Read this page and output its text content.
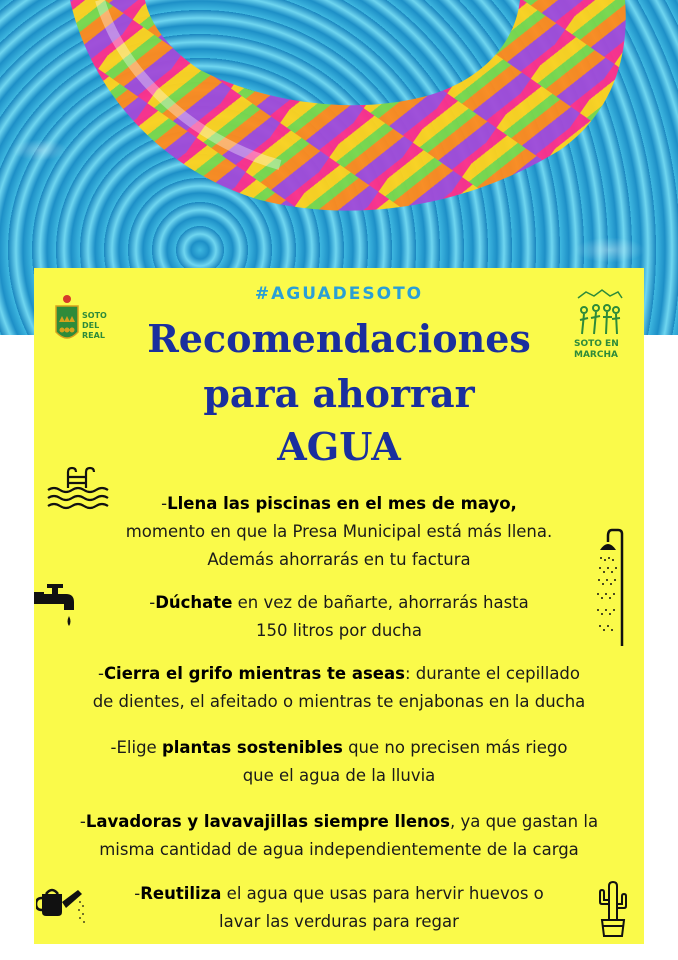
#AGUADESOTO
Recomendaciones
para ahorrar
AGUA
SOTO
DEL
REAL
SOTO EN
MARCHA
-Llena las piscinas en el mes de mayo,
momento en que la Presa Municipal está más llena.
Además ahorrarás en tu factura
-Dúchate en vez de bañarte, ahorrarás hasta
150 litros por ducha
-Cierra el grifo mientras te aseas: durante el cepillado
de dientes, el afeitado o mientras te enjabonas en la ducha
-Elige plantas sostenibles que no precisen más riego
que el agua de la lluvia
-Lavadoras y lavavajillas siempre llenos, ya que gastan la
misma cantidad de agua independientemente de la carga
-Reutiliza el agua que usas para hervir huevos o
lavar las verduras para regar
